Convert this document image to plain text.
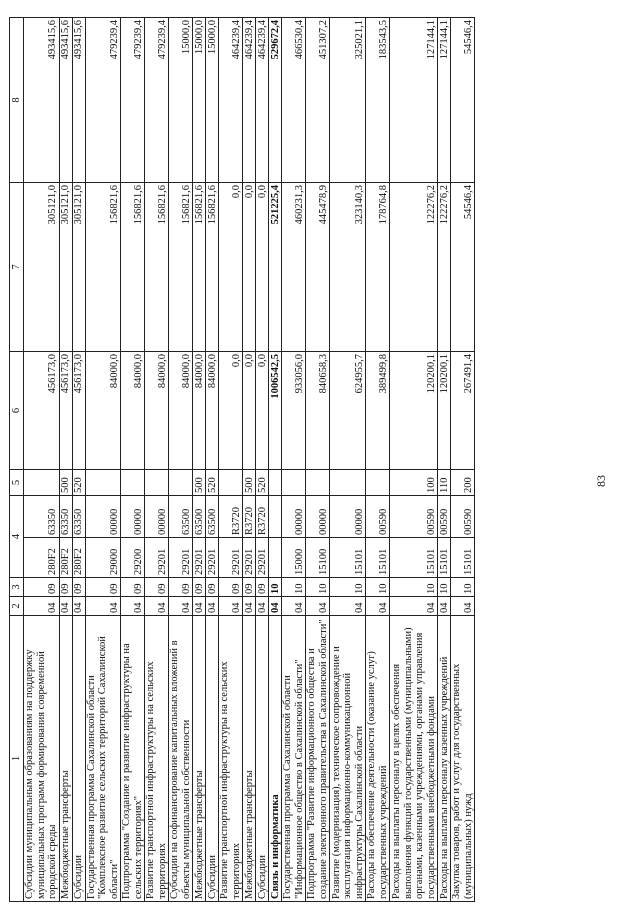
83
1	2	3	4		5	6	7	8
Субсидии муниципальным образованиям на поддержку муниципальных программ формирования современной городской среды	04	09	280F2	63350		456173,0	305121,0	493415,6
Межбюджетные трансферты	04	09	280F2	63350	500	456173,0	305121,0	493415,6
Субсидии	04	09	280F2	63350	520	456173,0	305121,0	493415,6
Государственная программа Сахалинской области "Комплексное развитие сельских территорий Сахалинской области"	04	09	29000	00000		84000,0	156821,6	479239,4
Подпрограмма "Создание и развитие инфраструктуры на сельских территориях"	04	09	29200	00000		84000,0	156821,6	479239,4
Развитие транспортной инфраструктуры на сельских территориях	04	09	29201	00000		84000,0	156821,6	479239,4
Субсидии на софинансирование капитальных вложений в объекты муниципальной собственности	04	09	29201	63500		84000,0	156821,6	15000,0
Межбюджетные трансферты	04	09	29201	63500	500	84000,0	156821,6	15000,0
Субсидии	04	09	29201	63500	520	84000,0	156821,6	15000,0
Развитие транспортной инфраструктуры на сельских территориях	04	09	29201	R3720		0,0	0,0	464239,4
Межбюджетные трансферты	04	09	29201	R3720	500	0,0	0,0	464239,4
Субсидии	04	09	29201	R3720	520	0,0	0,0	464239,4
Связь и информатика	04	10				1006542,5	521225,4	529672,4
Государственная программа Сахалинской области "Информационное общество в Сахалинской области"	04	10	15000	00000		933056,0	460231,3	466530,4
Подпрограмма "Развитие информационного общества и создание электронного правительства в Сахалинской области"	04	10	15100	00000		840658,3	445478,9	451307,2
Развитие (модернизация), техническое сопровождение и эксплуатация информационно-коммуникационной инфраструктуры Сахалинской области	04	10	15101	00000		624955,7	323140,3	325021,1
Расходы на обеспечение деятельности (оказание услуг) государственных учреждений	04	10	15101	00590		389499,8	178764,8	183543,5
Расходы на выплаты персоналу в целях обеспечения выполнения функций государственными (муниципальными) органами, казенными учреждениями, органами управления государственными внебюджетными фондами	04	10	15101	00590	100	120200,1	122276,2	127144,1
Расходы на выплаты персоналу казенных учреждений	04	10	15101	00590	110	120200,1	122276,2	127144,1
Закупка товаров, работ и услуг для государственных (муниципальных) нужд	04	10	15101	00590	200	267491,4	54546,4	54546,4
